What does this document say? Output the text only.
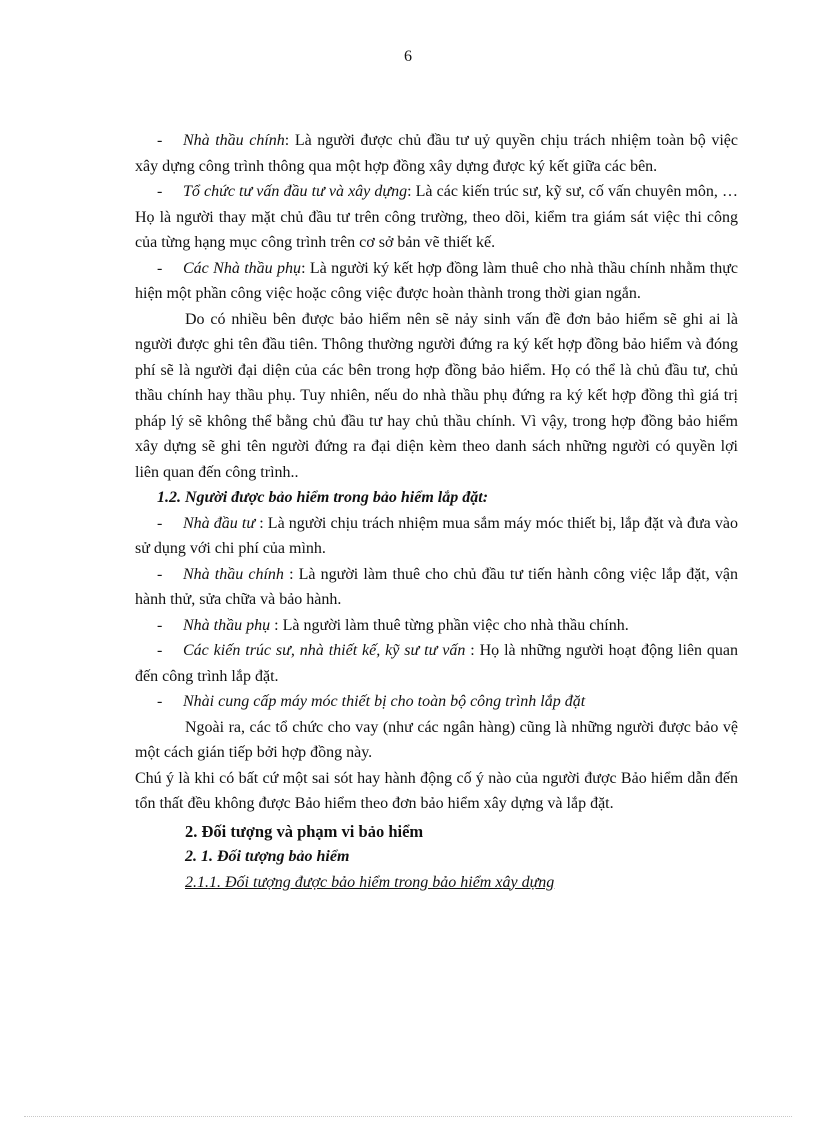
6

- Nhà thầu chính: Là người được chủ đầu tư uỷ quyền chịu trách nhiệm toàn bộ việc xây dựng công trình thông qua một hợp đồng xây dựng được ký kết giữa các bên.

- Tổ chức tư vấn đầu tư và xây dựng: Là các kiến trúc sư, kỹ sư, cố vấn chuyên môn, … Họ là người thay mặt chủ đầu tư trên công trường, theo dõi, kiểm tra giám sát việc thi công của từng hạng mục công trình trên cơ sở bản vẽ thiết kế.

- Các Nhà thầu phụ: Là người ký kết hợp đồng làm thuê cho nhà thầu chính nhằm thực hiện một phần công việc hoặc công việc được hoàn thành trong thời gian ngắn.

Do có nhiều bên được bảo hiểm nên sẽ nảy sinh vấn đề đơn bảo hiểm sẽ ghi ai là người được ghi tên đầu tiên. Thông thường người đứng ra ký kết hợp đồng bảo hiểm và đóng phí sẽ là người đại diện của các bên trong hợp đồng bảo hiểm. Họ có thể là chủ đầu tư, chủ thầu chính hay thầu phụ. Tuy nhiên, nếu do nhà thầu phụ đứng ra ký kết hợp đồng thì giá trị pháp lý sẽ không thể bằng chủ đầu tư hay chủ thầu chính. Vì vậy, trong hợp đồng bảo hiểm xây dựng sẽ ghi tên người đứng ra đại diện kèm theo danh sách những người có quyền lợi liên quan đến công trình..

1.2. Người được bảo hiểm trong bảo hiểm lắp đặt:

- Nhà đầu tư : Là người chịu trách nhiệm mua sắm máy móc thiết bị, lắp đặt và đưa vào sử dụng với chi phí của mình.

- Nhà thầu chính : Là người làm thuê cho chủ đầu tư tiến hành công việc lắp đặt, vận hành thử, sửa chữa và bảo hành.

- Nhà thầu phụ : Là người làm thuê từng phần việc cho nhà thầu chính.

- Các kiến trúc sư, nhà thiết kế, kỹ sư tư vấn : Họ là những người hoạt động liên quan đến công trình lắp đặt.

- Nhài cung cấp máy móc thiết bị cho toàn bộ công trình lắp đặt

Ngoài ra, các tổ chức cho vay (như các ngân hàng) cũng là những người được bảo vệ một cách gián tiếp bởi hợp đồng này.

Chú ý là khi có bất cứ một sai sót hay hành động cố ý nào của người được Bảo hiểm dẫn đến tổn thất đều không được Bảo hiểm theo đơn bảo hiểm xây dựng và lắp đặt.

2. Đối tượng và phạm vi bảo hiểm

2. 1. Đối tượng bảo hiểm

2.1.1. Đối tượng được bảo hiểm trong bảo hiểm xây dựng
